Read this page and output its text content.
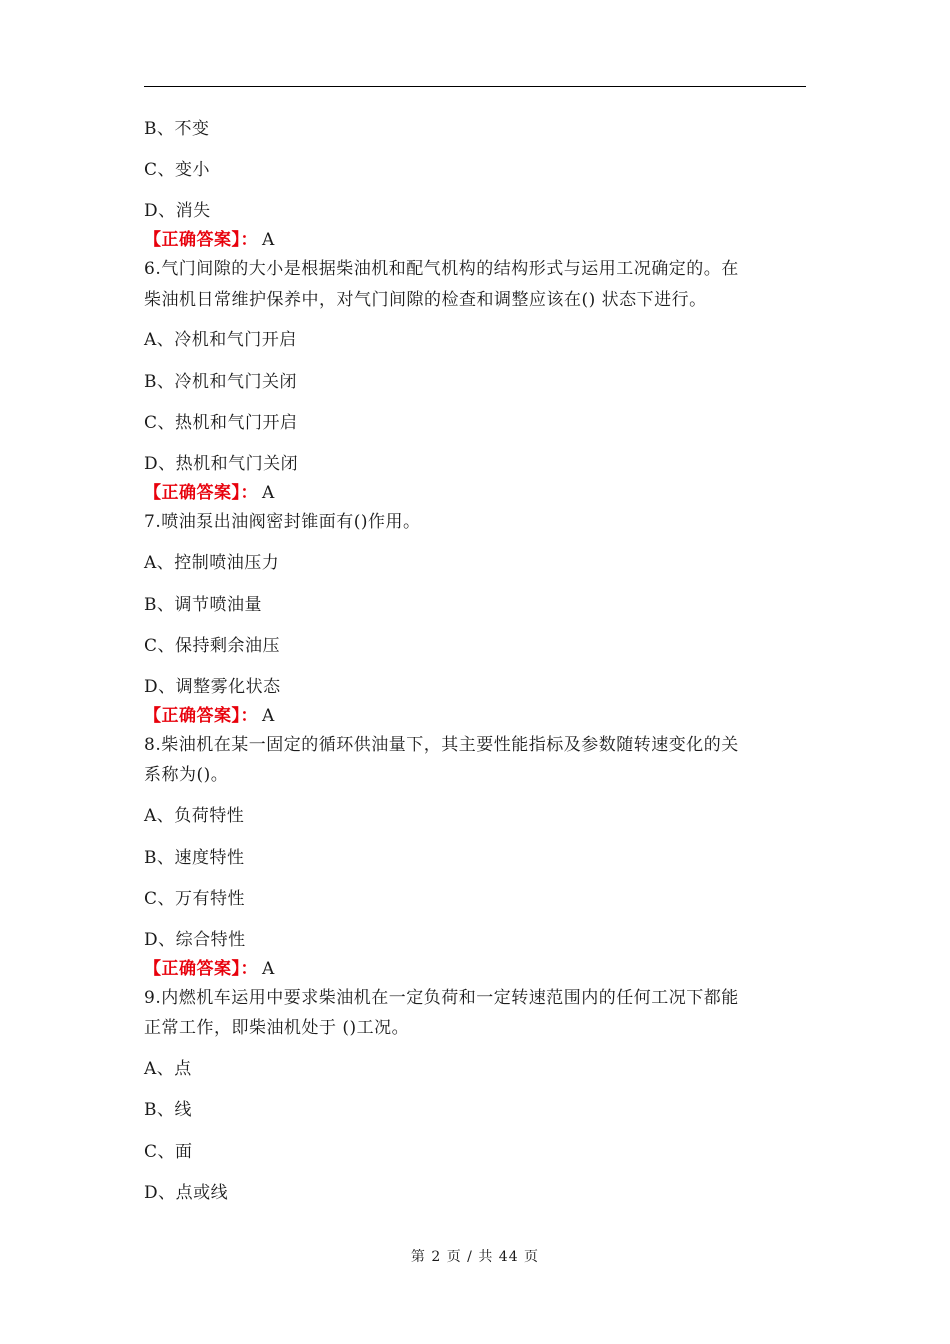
B、不变
C、变小
D、消失
【正确答案】： A
6.气门间隙的大小是根据柴油机和配气机构的结构形式与运用工况确定的。在
柴油机日常维护保养中，对气门间隙的检查和调整应该在() 状态下进行。
A、冷机和气门开启
B、冷机和气门关闭
C、热机和气门开启
D、热机和气门关闭
【正确答案】： A
7.喷油泵出油阀密封锥面有()作用。
A、控制喷油压力
B、调节喷油量
C、保持剩余油压
D、调整雾化状态
【正确答案】： A
8.柴油机在某一固定的循环供油量下，其主要性能指标及参数随转速变化的关
系称为()。
A、负荷特性
B、速度特性
C、万有特性
D、综合特性
【正确答案】： A
9.内燃机车运用中要求柴油机在一定负荷和一定转速范围内的任何工况下都能
正常工作，即柴油机处于 ()工况。
A、点
B、线
C、面
D、点或线
第 2 页 / 共 44 页
